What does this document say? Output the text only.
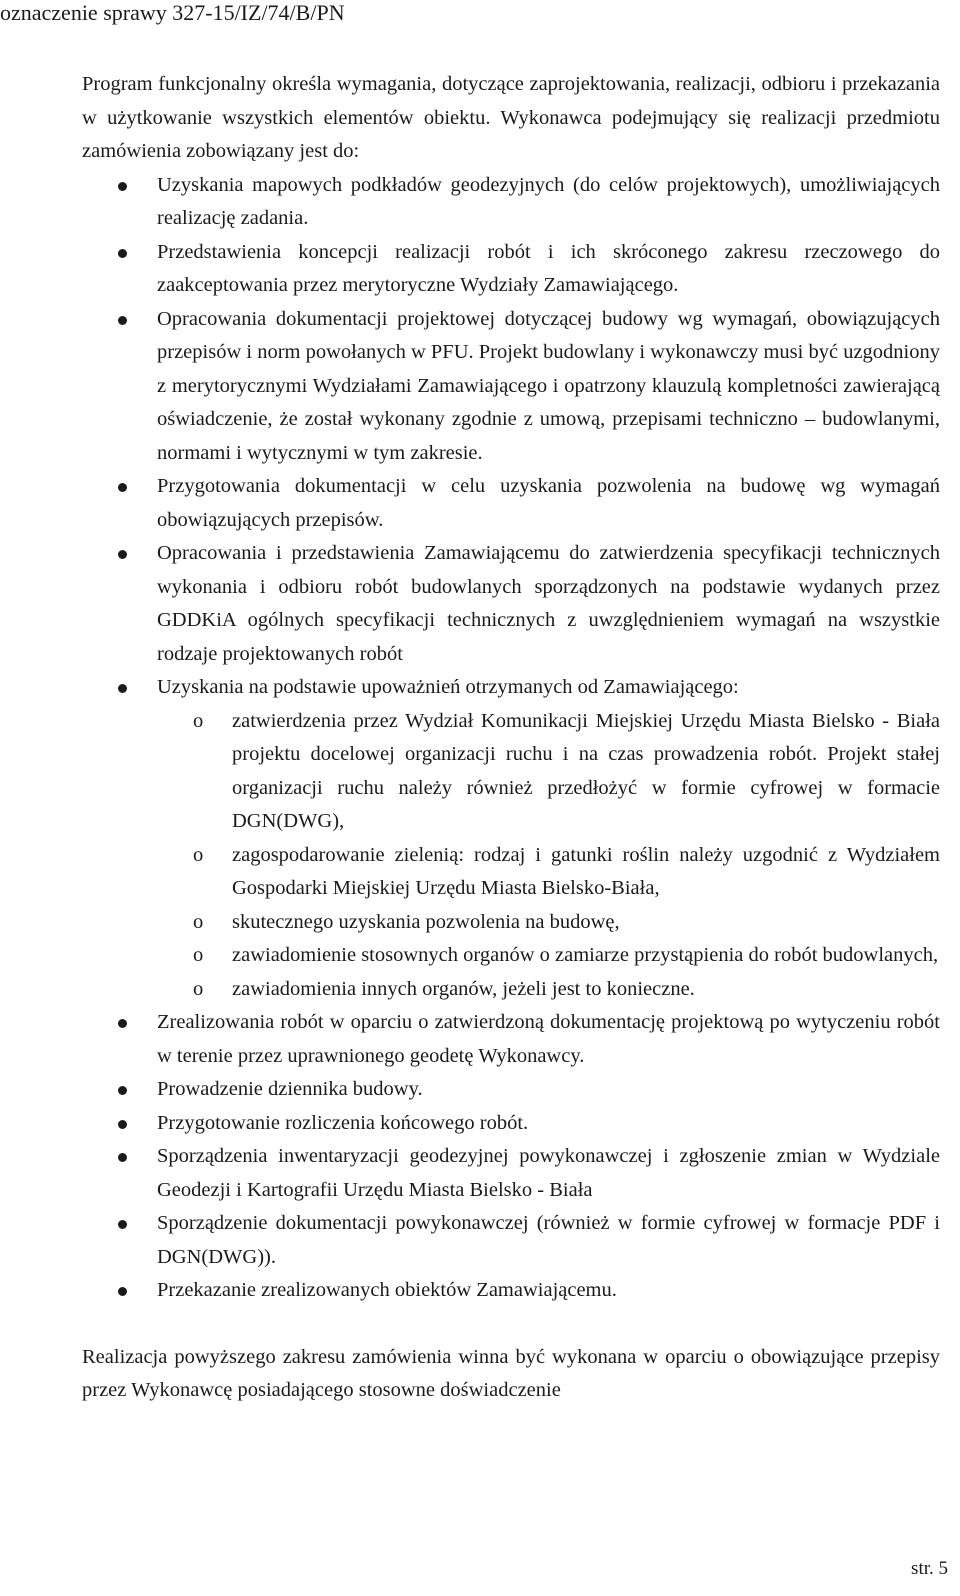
oznaczenie sprawy 327-15/IZ/74/B/PN

Program funkcjonalny określa wymagania, dotyczące zaprojektowania, realizacji, odbioru i przekazania w użytkowanie wszystkich elementów obiektu. Wykonawca podejmujący się realizacji przedmiotu zamówienia zobowiązany jest do:

Uzyskania mapowych podkładów geodezyjnych (do celów projektowych), umożliwiających realizację zadania.
Przedstawienia koncepcji realizacji robót i ich skróconego zakresu rzeczowego do zaakceptowania przez merytoryczne Wydziały Zamawiającego.
Opracowania dokumentacji projektowej dotyczącej budowy wg wymagań, obowiązujących przepisów i norm powołanych w PFU. Projekt budowlany i wykonawczy musi być uzgodniony z merytorycznymi Wydziałami Zamawiającego i opatrzony klauzulą kompletności zawierającą oświadczenie, że został wykonany zgodnie z umową, przepisami techniczno – budowlanymi, normami i wytycznymi w tym zakresie.
Przygotowania dokumentacji w celu uzyskania pozwolenia na budowę wg wymagań obowiązujących przepisów.
Opracowania i przedstawienia Zamawiającemu do zatwierdzenia specyfikacji technicznych wykonania i odbioru robót budowlanych sporządzonych na podstawie wydanych przez GDDKiA ogólnych specyfikacji technicznych z uwzględnieniem wymagań na wszystkie rodzaje projektowanych robót
Uzyskania na podstawie upoważnień otrzymanych od Zamawiającego:
o zatwierdzenia przez Wydział Komunikacji Miejskiej Urzędu Miasta Bielsko - Biała projektu docelowej organizacji ruchu i na czas prowadzenia robót. Projekt stałej organizacji ruchu należy również przedłożyć w formie cyfrowej w formacie DGN(DWG),
o zagospodarowanie zielenią: rodzaj i gatunki roślin należy uzgodnić z Wydziałem Gospodarki Miejskiej Urzędu Miasta Bielsko-Biała,
o skutecznego uzyskania pozwolenia na budowę,
o zawiadomienie stosownych organów o zamiarze przystąpienia do robót budowlanych,
o zawiadomienia innych organów, jeżeli jest to konieczne.
Zrealizowania robót w oparciu o zatwierdzoną dokumentację projektową po wytyczeniu robót w terenie przez uprawnionego geodetę Wykonawcy.
Prowadzenie dziennika budowy.
Przygotowanie rozliczenia końcowego robót.
Sporządzenia inwentaryzacji geodezyjnej powykonawczej i zgłoszenie zmian w Wydziale Geodezji i Kartografii Urzędu Miasta Bielsko - Biała
Sporządzenie dokumentacji powykonawczej (również w formie cyfrowej w formacje PDF i DGN(DWG)).
Przekazanie zrealizowanych obiektów Zamawiającemu.

Realizacja powyższego zakresu zamówienia winna być wykonana w oparciu o obowiązujące przepisy przez Wykonawcę posiadającego stosowne doświadczenie

str. 5
